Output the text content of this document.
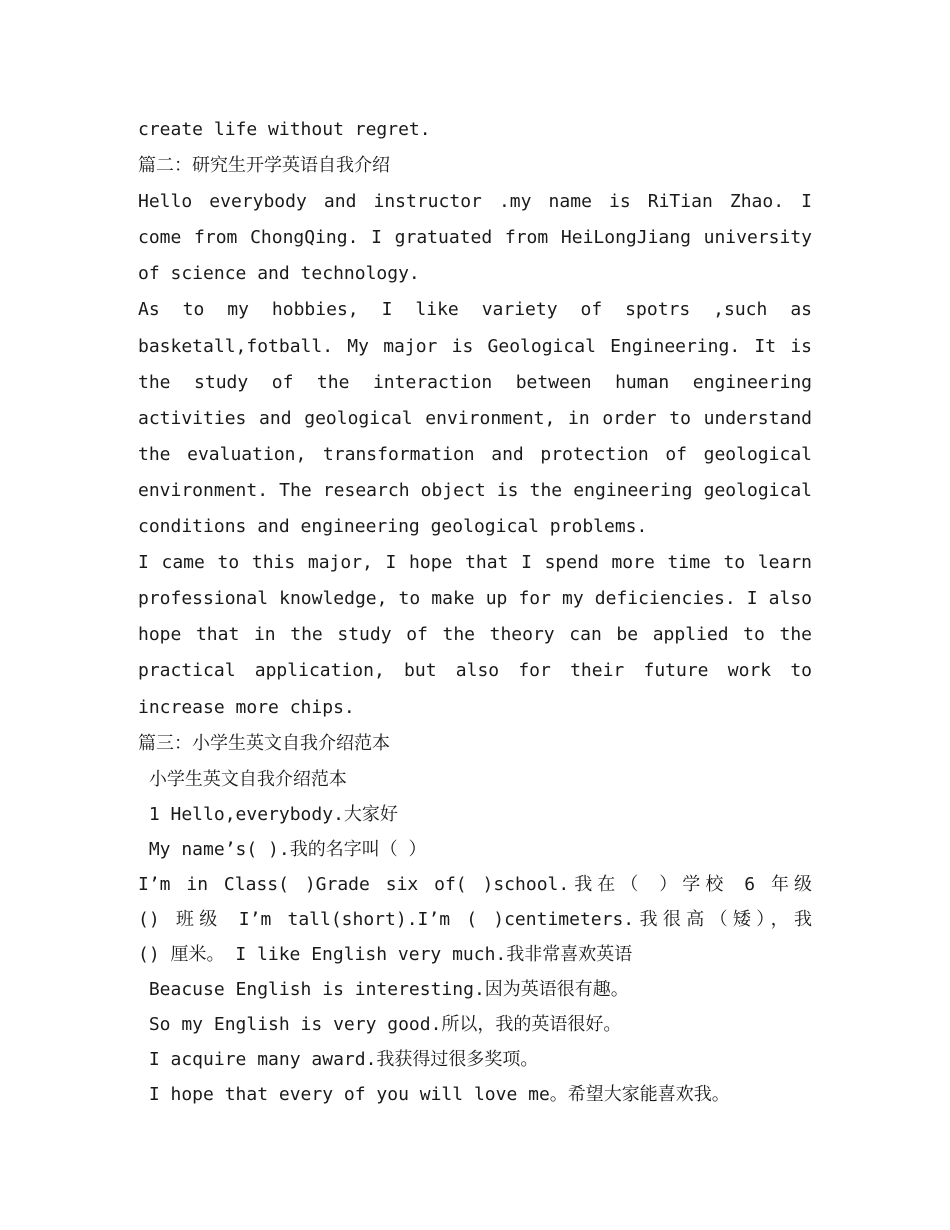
create life without regret.
篇二：研究生开学英语自我介绍
Hello everybody and instructor .my name is RiTian Zhao. I
come from ChongQing. I gratuated from HeiLongJiang university
of science and technology.
As to my hobbies, I like variety of spotrs ,such as
basketall,fotball. My major is Geological Engineering. It is
the study of the interaction between human engineering
activities and geological environment, in order to understand
the evaluation, transformation and protection of geological
environment. The research object is the engineering geological
conditions and engineering geological problems.
I came to this major, I hope that I spend more time to learn
professional knowledge, to make up for my deficiencies. I also
hope that in the study of the theory can be applied to the
practical application, but also for their future work to
increase more chips.
篇三：小学生英文自我介绍范本
小学生英文自我介绍范本
1 Hello,everybody.大家好
My name’s( ).我的名字叫（ ）
I’m in Class( )Grade six of( )school.我在（ ）学校 6 年级
() 班级 I’m tall(short).I’m ( )centimeters.我很高（矮），我
() 厘米。 I like English very much.我非常喜欢英语
Beacuse English is interesting.因为英语很有趣。
So my English is very good.所以，我的英语很好。
I acquire many award.我获得过很多奖项。
I hope that every of you will love me。希望大家能喜欢我。
